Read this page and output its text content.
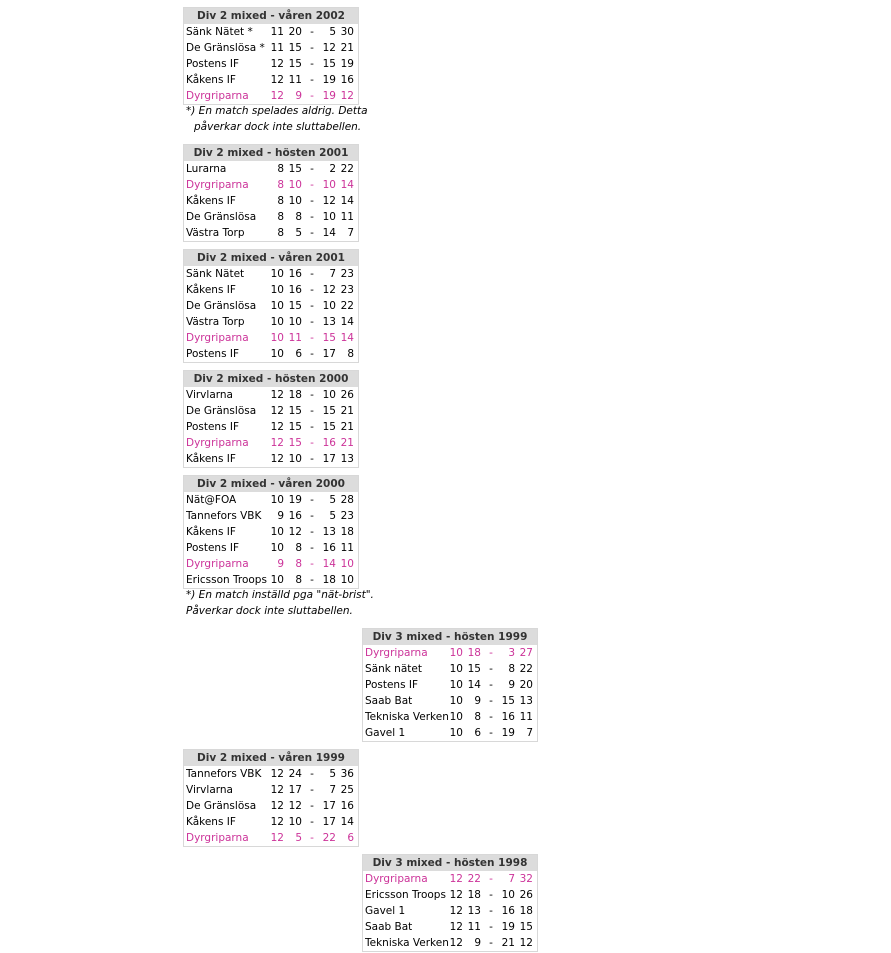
Div 2 mixed - våren 2002
Sänk Nätet *	11 20 -	5 30
De Gränslösa * 11 15 - 12 21
Postens IF	12 15 - 15 19
Kåkens IF	12 11 - 19 16
Dyrgriparna	12	9 - 19 12
*) En match spelades aldrig. Detta
påverkar dock inte sluttabellen.
Div 2 mixed - hösten 2001
Lurarna	8 15 -	2 22
Dyrgriparna	8 10 - 10 14
Kåkens IF	8 10 - 12 14
De Gränslösa	8	8 - 10 11
Västra Torp	8	5 - 14	7
Div 2 mixed - våren 2001
Sänk Nätet	10 16 -	7 23
Kåkens IF	10 16 - 12 23
De Gränslösa	10 15 - 10 22
Västra Torp	10 10 - 13 14
Dyrgriparna	10 11 - 15 14
Postens IF	10	6 - 17	8
Div 2 mixed - hösten 2000
Virvlarna	12 18 - 10 26
De Gränslösa	12 15 - 15 21
Postens IF	12 15 - 15 21
Dyrgriparna	12 15 - 16 21
Kåkens IF	12 10 - 17 13
Div 2 mixed - våren 2000
Nät@FOA	10 19 -	5 28
Tannefors VBK	9 16 -	5 23
Kåkens IF	10 12 - 13 18
Postens IF	10	8 - 16 11
Dyrgriparna	9	8 - 14 10
Ericsson Troops 10	8 - 18 10
*) En match inställd pga "nät-brist".
Påverkar dock inte sluttabellen.
Div 3 mixed - hösten 1999
Dyrgriparna	10 18 -	3 27
Sänk nätet	10 15 -	8 22
Postens IF	10 14 -	9 20
Saab Bat	10	9 - 15 13
Tekniska Verken 10	8 - 16 11
Gavel 1	10	6 - 19	7
Div 2 mixed - våren 1999
Tannefors VBK 12 24 -	5 36
Virvlarna	12 17 -	7 25
De Gränslösa	12 12 - 17 16
Kåkens IF	12 10 - 17 14
Dyrgriparna	12	5 - 22	6
Div 3 mixed - hösten 1998
Dyrgriparna	12 22 -	7 32
Ericsson Troops 12 18 - 10 26
Gavel 1	12 13 - 16 18
Saab Bat	12 11 - 19 15
Tekniska Verken 12	9 - 21 12
